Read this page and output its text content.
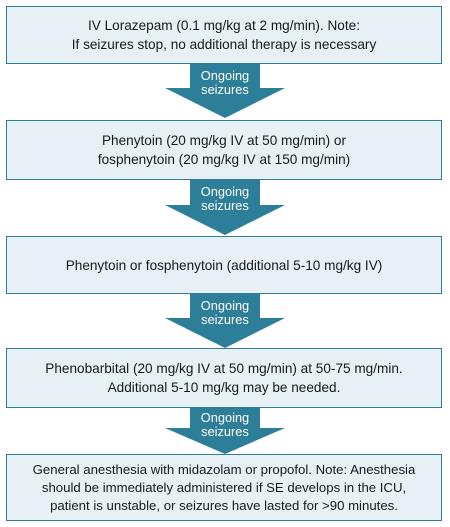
IV Lorazepam (0.1 mg/kg at 2 mg/min). Note:
If seizures stop, no additional therapy is necessary
Ongoing
seizures
Phenytoin (20 mg/kg IV at 50 mg/min) or
fosphenytoin (20 mg/kg IV at 150 mg/min)
Ongoing
seizures
Phenytoin or fosphenytoin (additional 5-10 mg/kg IV)
Ongoing
seizures
Phenobarbital (20 mg/kg IV at 50 mg/min) at 50-75 mg/min.
Additional 5-10 mg/kg may be needed.
Ongoing
seizures
General anesthesia with midazolam or propofol. Note: Anesthesia
should be immediately administered if SE develops in the ICU,
patient is unstable, or seizures have lasted for >90 minutes.
